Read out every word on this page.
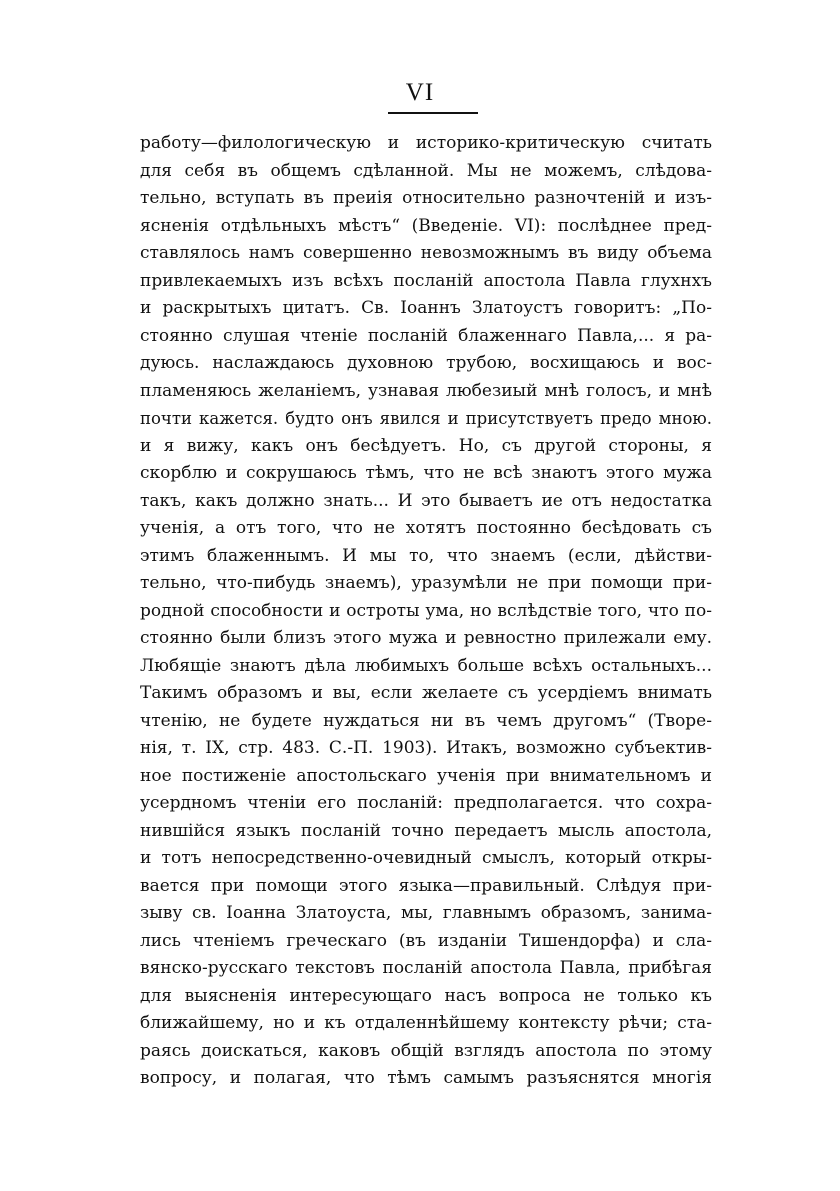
VI
работу—филологическую и историко-критическую считать
для себя въ общемъ сдѣланной. Мы не можемъ, слѣдова-
тельно, вступать въ преиія относительно разночтеній и изъ-
ясненія отдѣльныхъ мѣстъ“ (Введеніе. VI): послѣднее пред-
ставлялось намъ совершенно невозможнымъ въ виду объема
привлекаемыхъ изъ всѣхъ посланій апостола Павла глухнхъ
и раскрытыхъ цитатъ. Св. Іоаннъ Златоустъ говоритъ: „По-
стоянно слушая чтеніе посланій блаженнаго Павла,... я ра-
дуюсь. наслаждаюсь духовною трубою, восхищаюсь и вос-
пламеняюсь желаніемъ, узнавая любезиый мнѣ голосъ, и мнѣ
почти кажется. будто онъ явился и присутствуетъ предо мною.
и я вижу, какъ онъ бесѣдуетъ. Но, съ другой стороны, я
скорблю и сокрушаюсь тѣмъ, что не всѣ знаютъ этого мужа
такъ, какъ должно знать... И это бываетъ ие отъ недостатка
ученія, а отъ того, что не хотятъ постоянно бесѣдовать съ
этимъ блаженнымъ. И мы то, что знаемъ (если, дѣйстви-
тельно, что-пибудь знаемъ), уразумѣли не при помощи при-
родной способности и остроты ума, но вслѣдствіе того, что по-
стоянно были близъ этого мужа и ревностно прилежали ему.
Любящіе знаютъ дѣла любимыхъ больше всѣхъ остальныхъ...
Такимъ образомъ и вы, если желаете съ усердіемъ внимать
чтенію, не будете нуждаться ни въ чемъ другомъ“ (Творе-
нія, т. IX, стр. 483. С.-П. 1903). Итакъ, возможно субъектив-
ное постиженіе апостольскаго ученія при внимательномъ и
усердномъ чтеніи его посланій: предполагается. что сохра-
нившійся языкъ посланій точно передаетъ мысль апостола,
и тотъ непосредственно-очевидный смыслъ, который откры-
вается при помощи этого языка—правильный. Слѣдуя при-
зыву св. Іоанна Златоуста, мы, главнымъ образомъ, занима-
лись чтеніемъ греческаго (въ изданіи Тишендорфа) и сла-
вянско-русскаго текстовъ посланій апостола Павла, прибѣгая
для выясненія интересующаго насъ вопроса не только къ
ближайшему, но и къ отдаленнѣйшему контексту рѣчи; ста-
раясь доискаться, каковъ общій взглядъ апостола по этому
вопросу, и полагая, что тѣмъ самымъ разъяснятся многія
